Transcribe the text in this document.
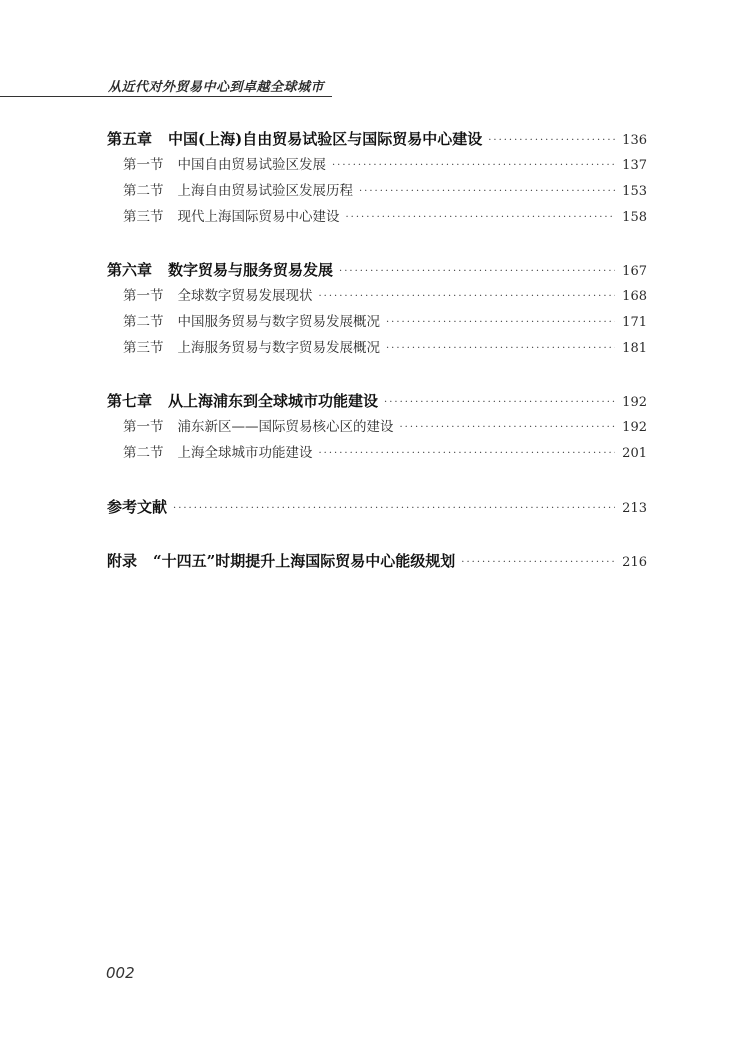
从近代对外贸易中心到卓越全球城市
第五章 中国(上海)自由贸易试验区与国际贸易中心建设 ·····	136
第一节 中国自由贸易试验区发展 ·····	137
第二节 上海自由贸易试验区发展历程 ·····	153
第三节 现代上海国际贸易中心建设 ·····	158
第六章 数字贸易与服务贸易发展 ·····	167
第一节 全球数字贸易发展现状 ·····	168
第二节 中国服务贸易与数字贸易发展概况 ·····	171
第三节 上海服务贸易与数字贸易发展概况 ·····	181
第七章 从上海浦东到全球城市功能建设 ·····	192
第一节 浦东新区——国际贸易核心区的建设 ·····	192
第二节 上海全球城市功能建设 ·····	201
参考文献 ·····	213
附录 “十四五”时期提升上海国际贸易中心能级规划 ·····	216
002
